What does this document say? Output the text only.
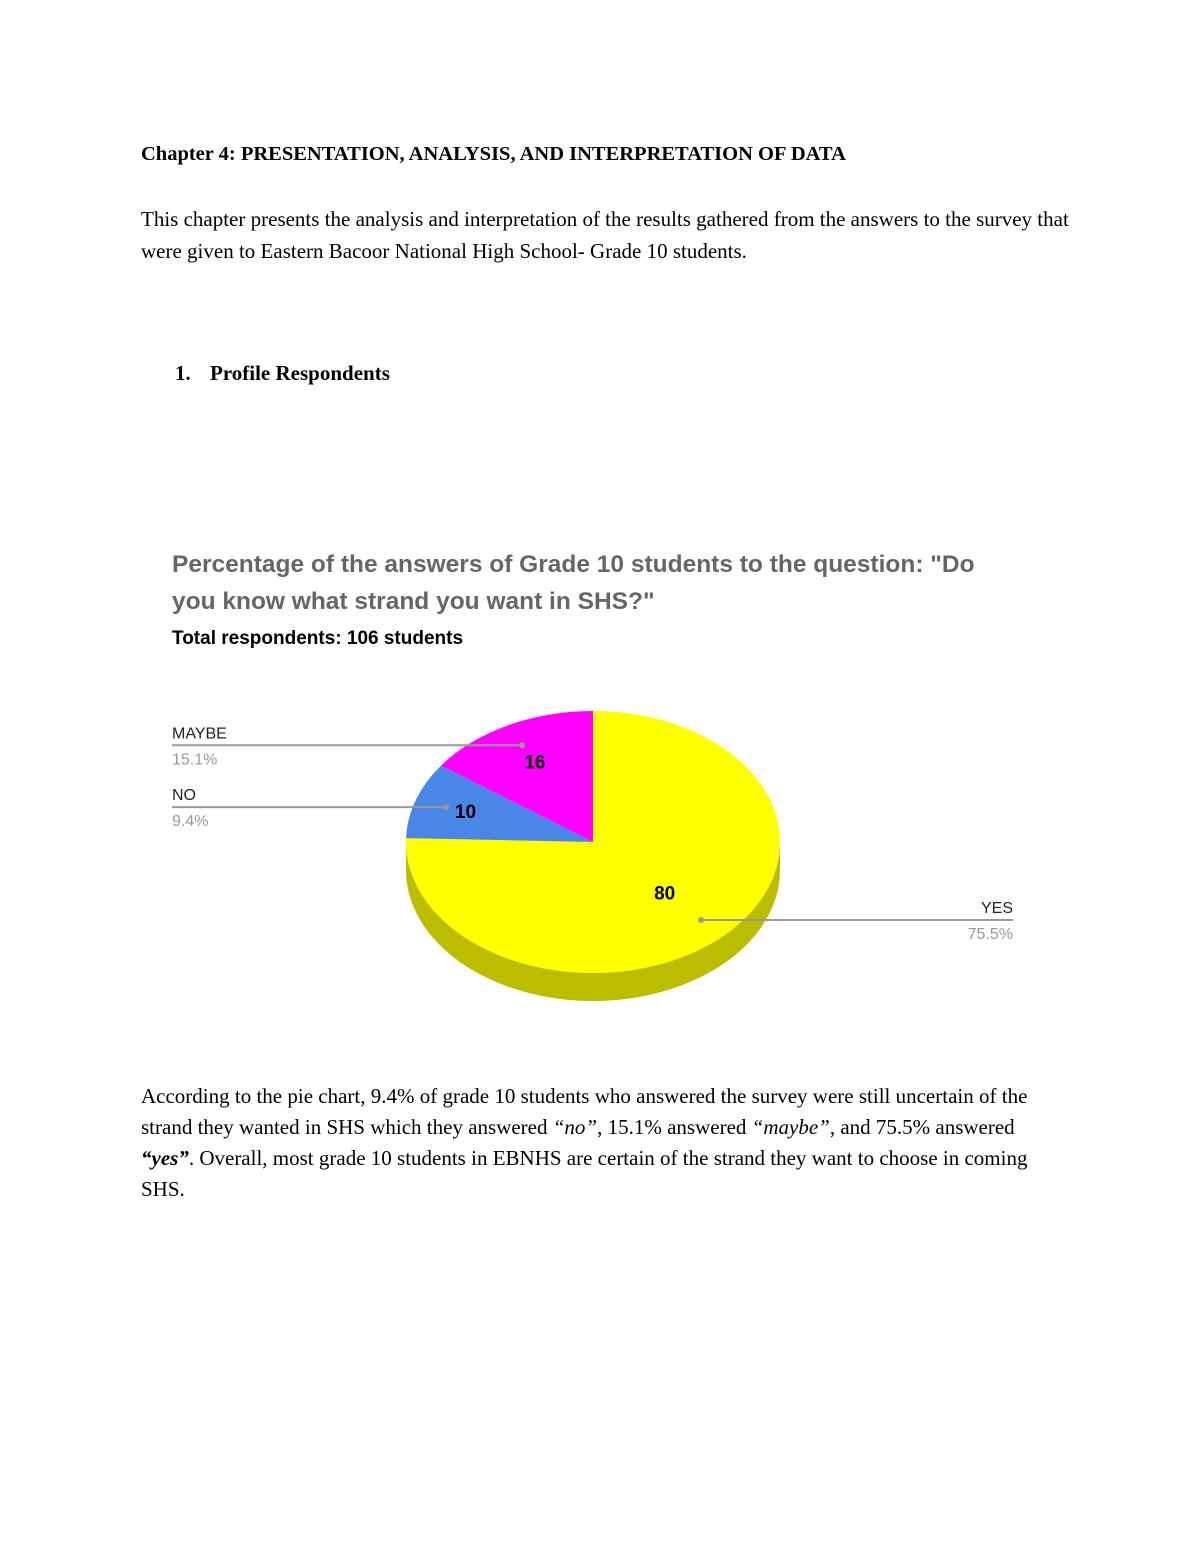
Chapter 4: PRESENTATION, ANALYSIS, AND INTERPRETATION OF DATA

This chapter presents the analysis and interpretation of the results gathered from the answers to the survey that were given to Eastern Bacoor National High School- Grade 10 students.

1. Profile Respondents
Percentage of the answers of Grade 10 students to the question: "Do you know what strand you want in SHS?"

Total respondents: 106 students

80
10
16
YES
75.5%
NO
9.4%
MAYBE
15.1%

According to the pie chart, 9.4% of grade 10 students who answered the survey were still uncertain of the strand they wanted in SHS which they answered “no”, 15.1% answered “maybe”, and 75.5% answered “yes”. Overall, most grade 10 students in EBNHS are certain of the strand they want to choose in coming SHS.
